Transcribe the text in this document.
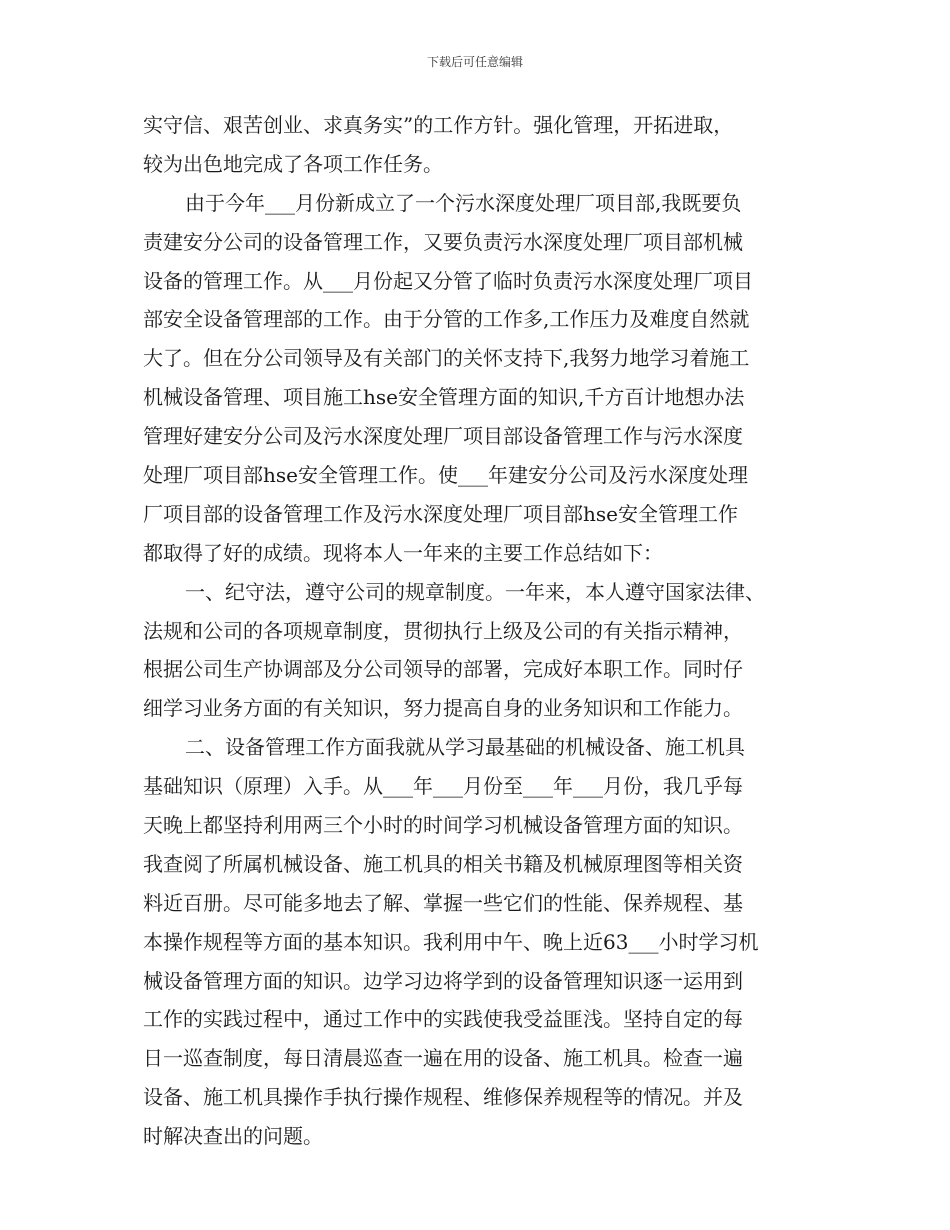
下载后可任意编辑
实守信、艰苦创业、求真务实”的工作方针。强化管理，开拓进取，
较为出色地完成了各项工作任务。
由于今年___月份新成立了一个污水深度处理厂项目部,我既要负
责建安分公司的设备管理工作，又要负责污水深度处理厂项目部机械
设备的管理工作。从___月份起又分管了临时负责污水深度处理厂项目
部安全设备管理部的工作。由于分管的工作多,工作压力及难度自然就
大了。但在分公司领导及有关部门的关怀支持下,我努力地学习着施工
机械设备管理、项目施工hse安全管理方面的知识,千方百计地想办法
管理好建安分公司及污水深度处理厂项目部设备管理工作与污水深度
处理厂项目部hse安全管理工作。使___年建安分公司及污水深度处理
厂项目部的设备管理工作及污水深度处理厂项目部hse安全管理工作
都取得了好的成绩。现将本人一年来的主要工作总结如下：
一、纪守法，遵守公司的规章制度。一年来，本人遵守国家法律、
法规和公司的各项规章制度，贯彻执行上级及公司的有关指示精神，
根据公司生产协调部及分公司领导的部署，完成好本职工作。同时仔
细学习业务方面的有关知识，努力提高自身的业务知识和工作能力。
二、设备管理工作方面我就从学习最基础的机械设备、施工机具
基础知识（原理）入手。从___年___月份至___年___月份，我几乎每
天晚上都坚持利用两三个小时的时间学习机械设备管理方面的知识。
我查阅了所属机械设备、施工机具的相关书籍及机械原理图等相关资
料近百册。尽可能多地去了解、掌握一些它们的性能、保养规程、基
本操作规程等方面的基本知识。我利用中午、晚上近63___小时学习机
械设备管理方面的知识。边学习边将学到的设备管理知识逐一运用到
工作的实践过程中，通过工作中的实践使我受益匪浅。坚持自定的每
日一巡查制度，每日清晨巡查一遍在用的设备、施工机具。检查一遍
设备、施工机具操作手执行操作规程、维修保养规程等的情况。并及
时解决查出的问题。
